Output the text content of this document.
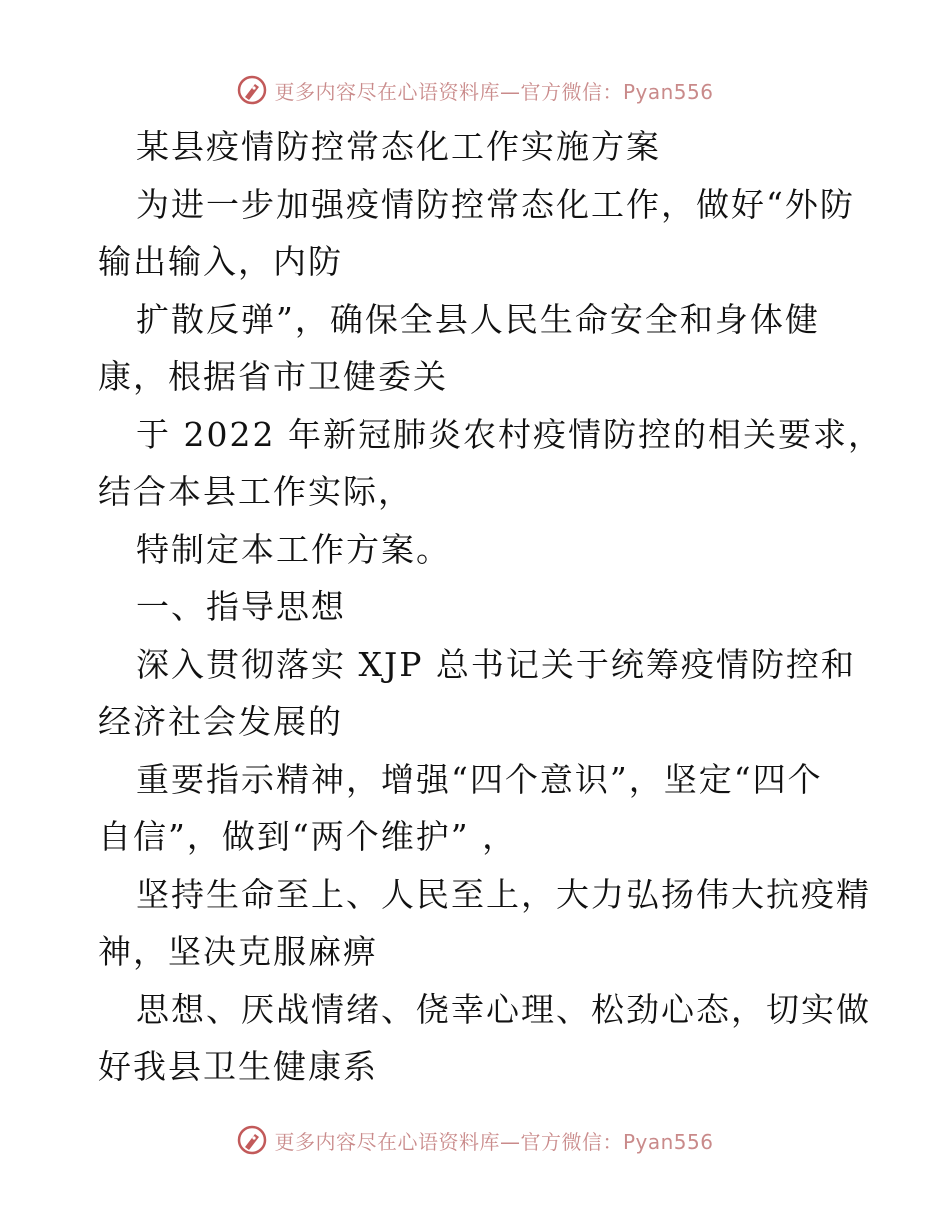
更多内容尽在心语资料库—官方微信：Pyan556
某县疫情防控常态化工作实施方案
为进一步加强疫情防控常态化工作，做好“外防
输出输入，内防
扩散反弹”，确保全县人民生命安全和身体健
康，根据省市卫健委关
于 2022 年新冠肺炎农村疫情防控的相关要求，
结合本县工作实际，
特制定本工作方案。
一、指导思想
深入贯彻落实 XJP 总书记关于统筹疫情防控和
经济社会发展的
重要指示精神，增强“四个意识”，坚定“四个
自信”，做到“两个维护” ，
坚持生命至上、人民至上，大力弘扬伟大抗疫精
神，坚决克服麻痹
思想、厌战情绪、侥幸心理、松劲心态，切实做
好我县卫生健康系
更多内容尽在心语资料库—官方微信：Pyan556
